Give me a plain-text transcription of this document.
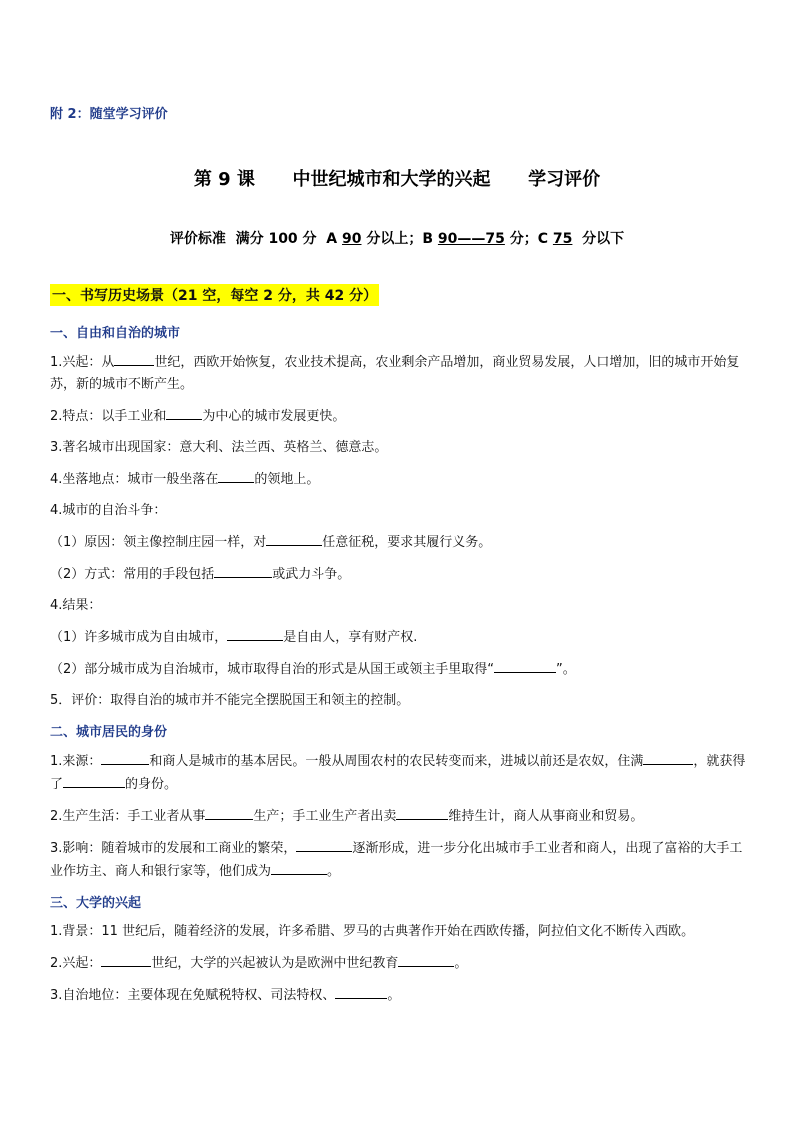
附 2：随堂学习评价
第 9 课      中世纪城市和大学的兴起      学习评价
评价标准  满分 100 分  A 90 分以上；B 90——75 分；C 75  分以下
一、书写历史场景（21 空，每空 2 分，共 42 分）
一、自由和自治的城市

1.兴起：从	世纪，西欧开始恢复，农业技术提高，农业剩余产品增加，商业贸易发展，人口增加，旧的城市开始复苏，新的城市不断产生。

2.特点：以手工业和	为中心的城市发展更快。

3.著名城市出现国家：意大利、法兰西、英格兰、德意志。

4.坐落地点：城市一般坐落在	的领地上。

4.城市的自治斗争：

（1）原因：领主像控制庄园一样，对	任意征税，要求其履行义务。

（2）方式：常用的手段包括	或武力斗争。

4.结果：

（1）许多城市成为自由城市，	是自由人，享有财产权.

（2）部分城市成为自治城市，城市取得自治的形式是从国王或领主手里取得“	”。

5．评价：取得自治的城市并不能完全摆脱国王和领主的控制。

二、城市居民的身份

1.来源：	和商人是城市的基本居民。一般从周围农村的农民转变而来，进城以前还是农奴，住满	，就获得了	的身份。

2.生产生活：手工业者从事	生产；手工业生产者出卖	维持生计，商人从事商业和贸易。

3.影响：随着城市的发展和工商业的繁荣，	逐渐形成，进一步分化出城市手工业者和商人，出现了富裕的大手工业作坊主、商人和银行家等，他们成为	。

三、大学的兴起

1.背景：11 世纪后，随着经济的发展，许多希腊、罗马的古典著作开始在西欧传播，阿拉伯文化不断传入西欧。

2.兴起：	世纪，大学的兴起被认为是欧洲中世纪教育	。

3.自治地位：主要体现在免赋税特权、司法特权、	。
